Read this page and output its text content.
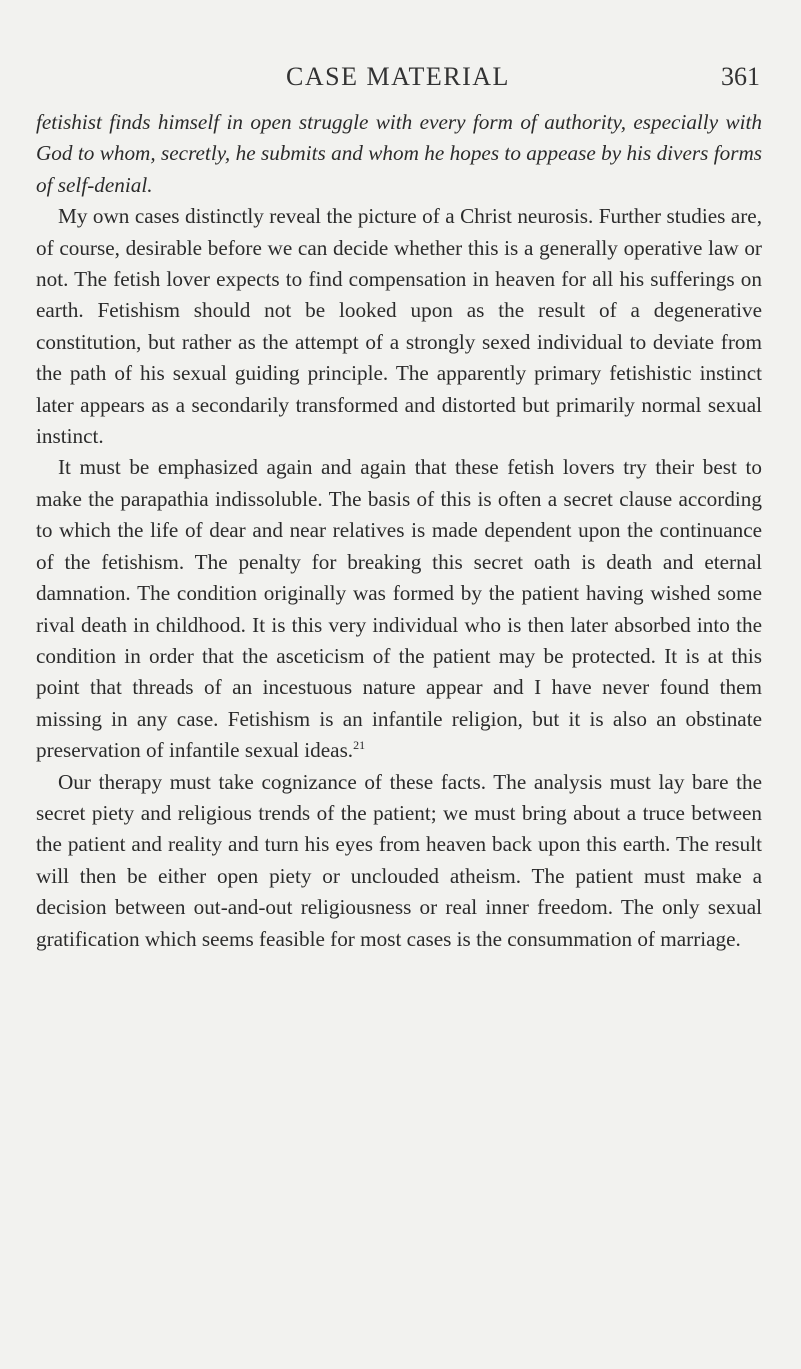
CASE MATERIAL	361

fetishist finds himself in open struggle with every form of authority, especially with God to whom, secretly, he submits and whom he hopes to appease by his divers forms of self-denial.

My own cases distinctly reveal the picture of a Christ neurosis. Further studies are, of course, desirable before we can decide whether this is a generally operative law or not. The fetish lover expects to find compensation in heaven for all his sufferings on earth. Fetishism should not be looked upon as the result of a degenerative constitution, but rather as the attempt of a strongly sexed individual to deviate from the path of his sexual guiding principle. The apparently primary fetishistic instinct later appears as a secondarily transformed and distorted but primarily normal sexual instinct.

It must be emphasized again and again that these fetish lovers try their best to make the parapathia indissoluble. The basis of this is often a secret clause according to which the life of dear and near relatives is made dependent upon the continuance of the fetishism. The penalty for breaking this secret oath is death and eternal damnation. The condition originally was formed by the patient having wished some rival death in childhood. It is this very individual who is then later absorbed into the condition in order that the asceticism of the patient may be protected. It is at this point that threads of an incestuous nature appear and I have never found them missing in any case. Fetishism is an infantile religion, but it is also an obstinate preservation of infantile sexual ideas.$^{21}$

Our therapy must take cognizance of these facts. The analysis must lay bare the secret piety and religious trends of the patient; we must bring about a truce between the patient and reality and turn his eyes from heaven back upon this earth. The result will then be either open piety or unclouded atheism. The patient must make a decision between out-and-out religiousness or real inner freedom. The only sexual gratification which seems feasible for most cases is the consummation of marriage.
